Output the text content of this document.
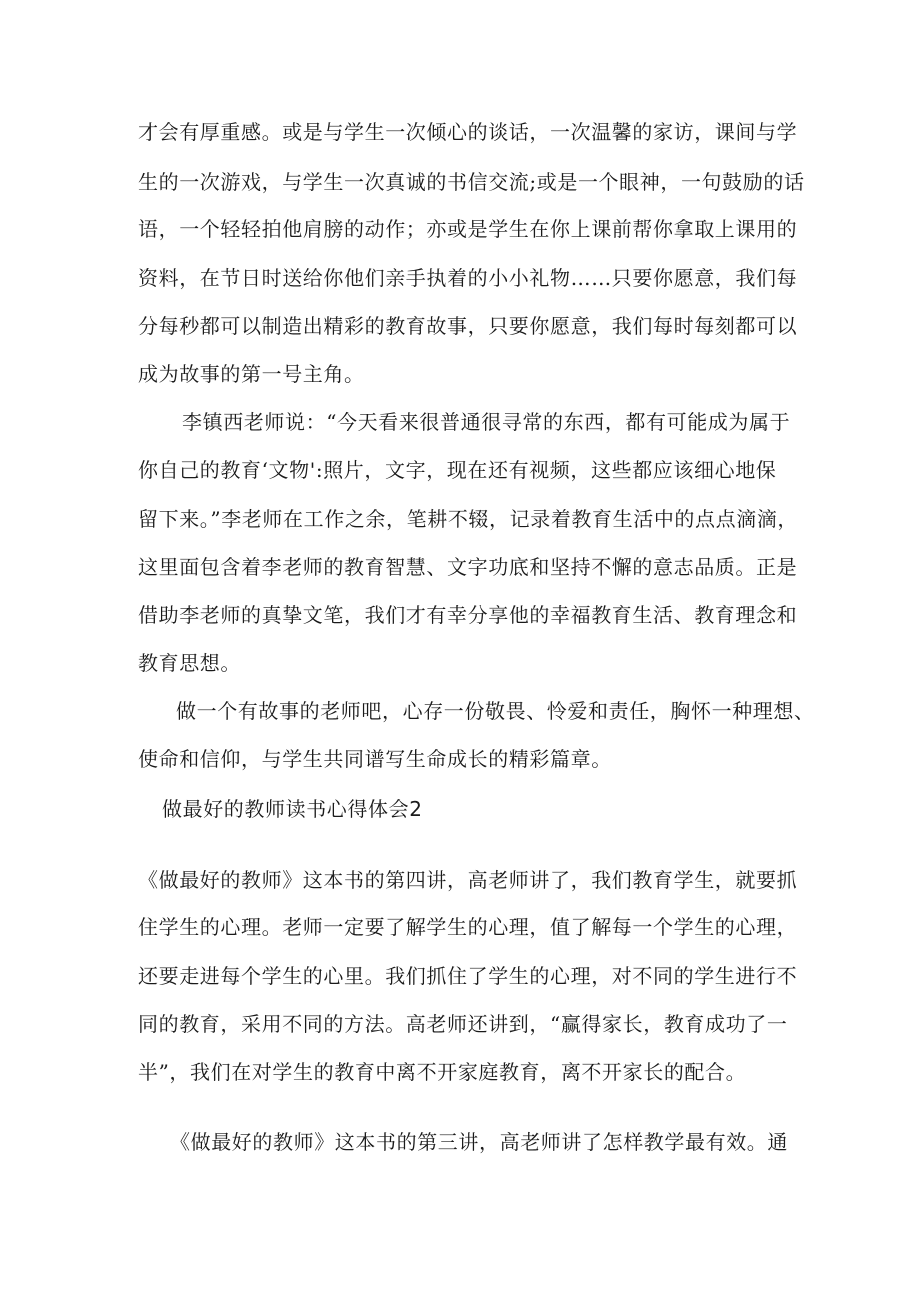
才会有厚重感。或是与学生一次倾心的谈话，一次温馨的家访，课间与学
生的一次游戏，与学生一次真诚的书信交流;或是一个眼神，一句鼓励的话
语，一个轻轻拍他肩膀的动作；亦或是学生在你上课前帮你拿取上课用的
资料，在节日时送给你他们亲手执着的小小礼物……只要你愿意，我们每
分每秒都可以制造出精彩的教育故事，只要你愿意，我们每时每刻都可以
成为故事的第一号主角。
李镇西老师说：“今天看来很普通很寻常的东西，都有可能成为属于
你自己的教育‘文物':照片，文字，现在还有视频，这些都应该细心地保
留下来。”李老师在工作之余，笔耕不辍，记录着教育生活中的点点滴滴，
这里面包含着李老师的教育智慧、文字功底和坚持不懈的意志品质。正是
借助李老师的真挚文笔，我们才有幸分享他的幸福教育生活、教育理念和
教育思想。
做一个有故事的老师吧，心存一份敬畏、怜爱和责任，胸怀一种理想、
使命和信仰，与学生共同谱写生命成长的精彩篇章。
做最好的教师读书心得体会2
《做最好的教师》这本书的第四讲，高老师讲了，我们教育学生，就要抓
住学生的心理。老师一定要了解学生的心理，值了解每一个学生的心理，
还要走进每个学生的心里。我们抓住了学生的心理，对不同的学生进行不
同的教育，采用不同的方法。高老师还讲到，“赢得家长，教育成功了一
半”，我们在对学生的教育中离不开家庭教育，离不开家长的配合。
《做最好的教师》这本书的第三讲，高老师讲了怎样教学最有效。通
